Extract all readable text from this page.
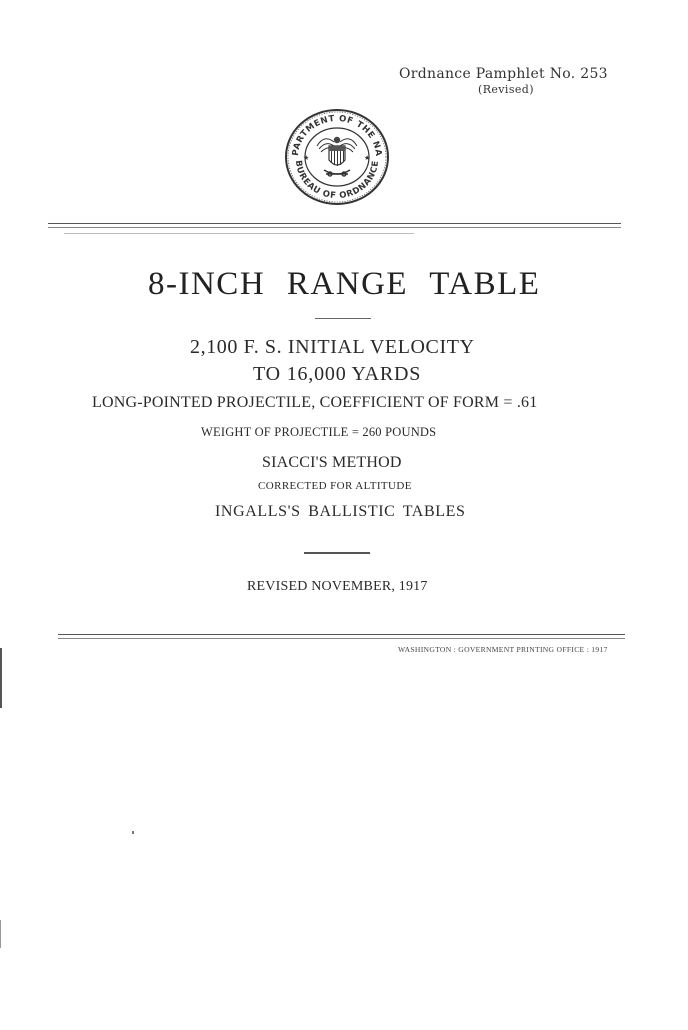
Ordnance Pamphlet No. 253
(Revised)
PARTMENT OF THE NA
BUREAU OF ORDNANCE
★	★
8-INCH RANGE TABLE
2,100 F. S. INITIAL VELOCITY
TO 16,000 YARDS
LONG-POINTED PROJECTILE, COEFFICIENT OF FORM = .61
WEIGHT OF PROJECTILE = 260 POUNDS
SIACCI'S METHOD
CORRECTED FOR ALTITUDE
INGALLS'S BALLISTIC TABLES
REVISED NOVEMBER, 1917
WASHINGTON : GOVERNMENT PRINTING OFFICE : 1917
